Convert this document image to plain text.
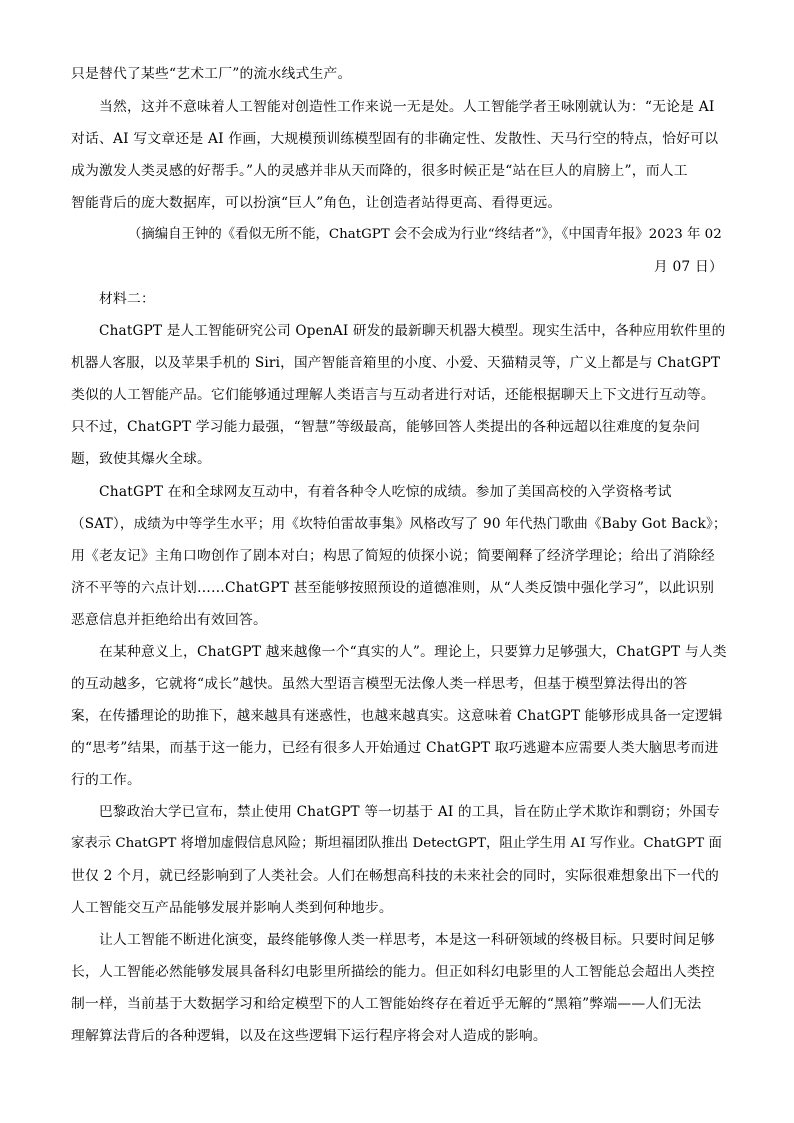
只是替代了某些“艺术工厂”的流水线式生产。
当然，这并不意味着人工智能对创造性工作来说一无是处。人工智能学者王咏刚就认为：“无论是 AI
对话、AI 写文章还是 AI 作画，大规模预训练模型固有的非确定性、发散性、天马行空的特点，恰好可以
成为激发人类灵感的好帮手。”人的灵感并非从天而降的，很多时候正是“站在巨人的肩膀上”，而人工
智能背后的庞大数据库，可以扮演“巨人”角色，让创造者站得更高、看得更远。
（摘编自王钟的《看似无所不能，ChatGPT 会不会成为行业“终结者”》，《中国青年报》2023 年 02
月 07 日）
材料二：
ChatGPT 是人工智能研究公司 OpenAI 研发的最新聊天机器大模型。现实生活中，各种应用软件里的
机器人客服，以及苹果手机的 Siri，国产智能音箱里的小度、小爱、天猫精灵等，广义上都是与 ChatGPT
类似的人工智能产品。它们能够通过理解人类语言与互动者进行对话，还能根据聊天上下文进行互动等。
只不过，ChatGPT 学习能力最强，“智慧”等级最高，能够回答人类提出的各种远超以往难度的复杂问
题，致使其爆火全球。
ChatGPT 在和全球网友互动中，有着各种令人吃惊的成绩。参加了美国高校的入学资格考试
（SAT），成绩为中等学生水平；用《坎特伯雷故事集》风格改写了 90 年代热门歌曲《Baby Got Back》；
用《老友记》主角口吻创作了剧本对白；构思了简短的侦探小说；简要阐释了经济学理论；给出了消除经
济不平等的六点计划……ChatGPT 甚至能够按照预设的道德准则，从“人类反馈中强化学习”，以此识别
恶意信息并拒绝给出有效回答。
在某种意义上，ChatGPT 越来越像一个“真实的人”。理论上，只要算力足够强大，ChatGPT 与人类
的互动越多，它就将“成长”越快。虽然大型语言模型无法像人类一样思考，但基于模型算法得出的答
案，在传播理论的助推下，越来越具有迷惑性，也越来越真实。这意味着 ChatGPT 能够形成具备一定逻辑
的“思考”结果，而基于这一能力，已经有很多人开始通过 ChatGPT 取巧逃避本应需要人类大脑思考而进
行的工作。
巴黎政治大学已宣布，禁止使用 ChatGPT 等一切基于 AI 的工具，旨在防止学术欺诈和剽窃；外国专
家表示 ChatGPT 将增加虚假信息风险；斯坦福团队推出 DetectGPT，阻止学生用 AI 写作业。ChatGPT 面
世仅 2 个月，就已经影响到了人类社会。人们在畅想高科技的未来社会的同时，实际很难想象出下一代的
人工智能交互产品能够发展并影响人类到何种地步。
让人工智能不断进化演变，最终能够像人类一样思考，本是这一科研领域的终极目标。只要时间足够
长，人工智能必然能够发展具备科幻电影里所描绘的能力。但正如科幻电影里的人工智能总会超出人类控
制一样，当前基于大数据学习和给定模型下的人工智能始终存在着近乎无解的“黑箱”弊端——人们无法
理解算法背后的各种逻辑，以及在这些逻辑下运行程序将会对人造成的影响。
